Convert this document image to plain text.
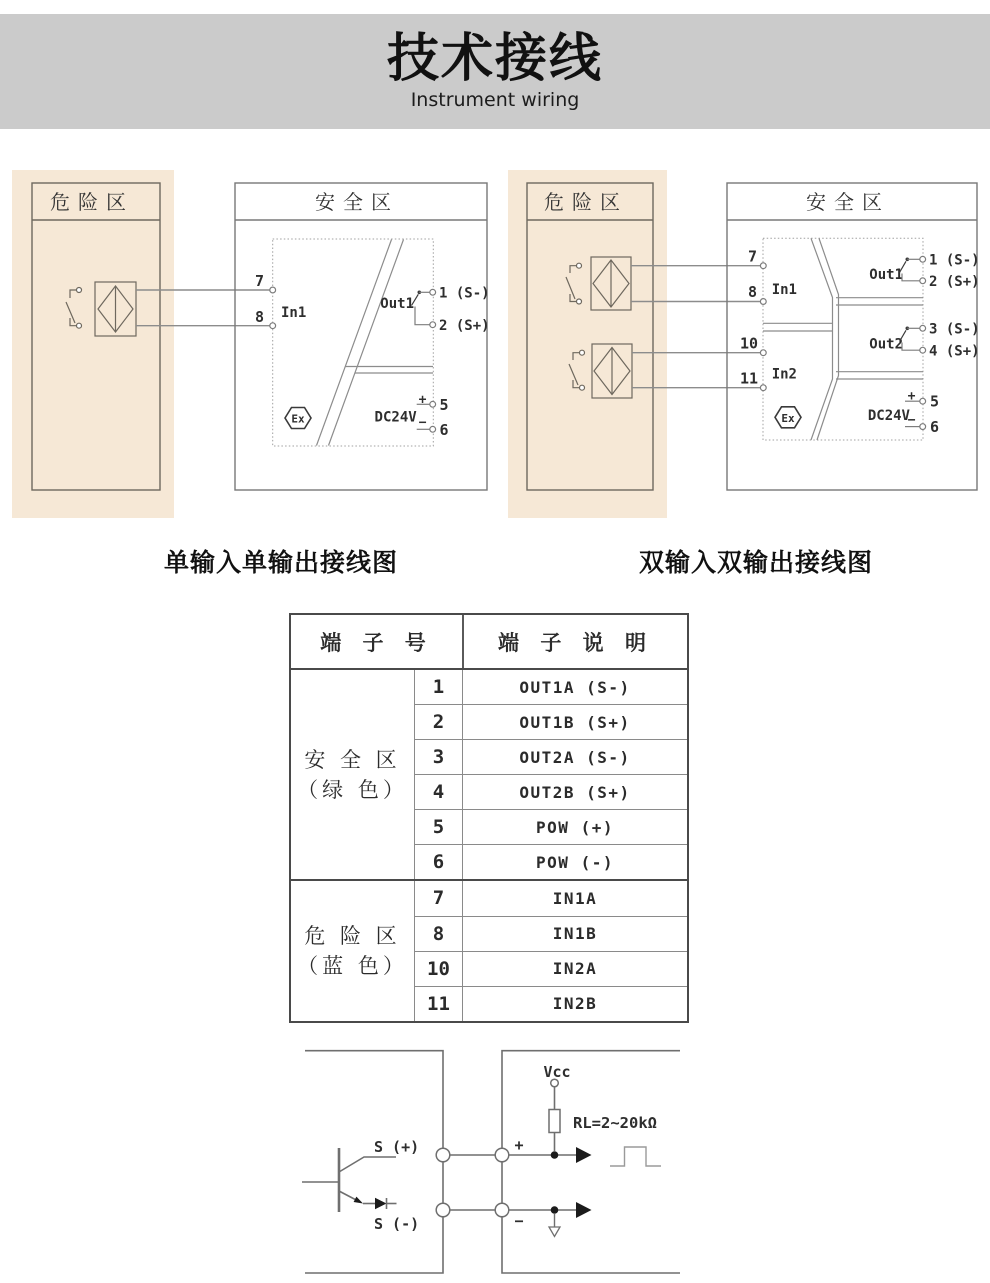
技术接线
Instrument wiring
危险区	安全区
7
8 In1
Out1
1 (S-)
2 (S+)
DC24V
+
−
5
6
Ex
危险区	安全区
7
8
10
11
In1
In2
Out1
1 (S-)
2 (S+)
Out2
3 (S-)
4 (S+)
DC24V
+
−
5
6
Ex
单输入单输出接线图	双输入双输出接线图
端 子 号	端 子 说 明
安 全 区
（绿 色）
1	OUT1A (S-)
2	OUT1B (S+)
3	OUT2A (S-)
4	OUT2B (S+)
5	POW (+)
6	POW (-)
危 险 区
（蓝 色）
7	IN1A
8	IN1B
10	IN2A
11	IN2B
S (+)
S (-)
+
Vcc
RL=2~20kΩ
−
